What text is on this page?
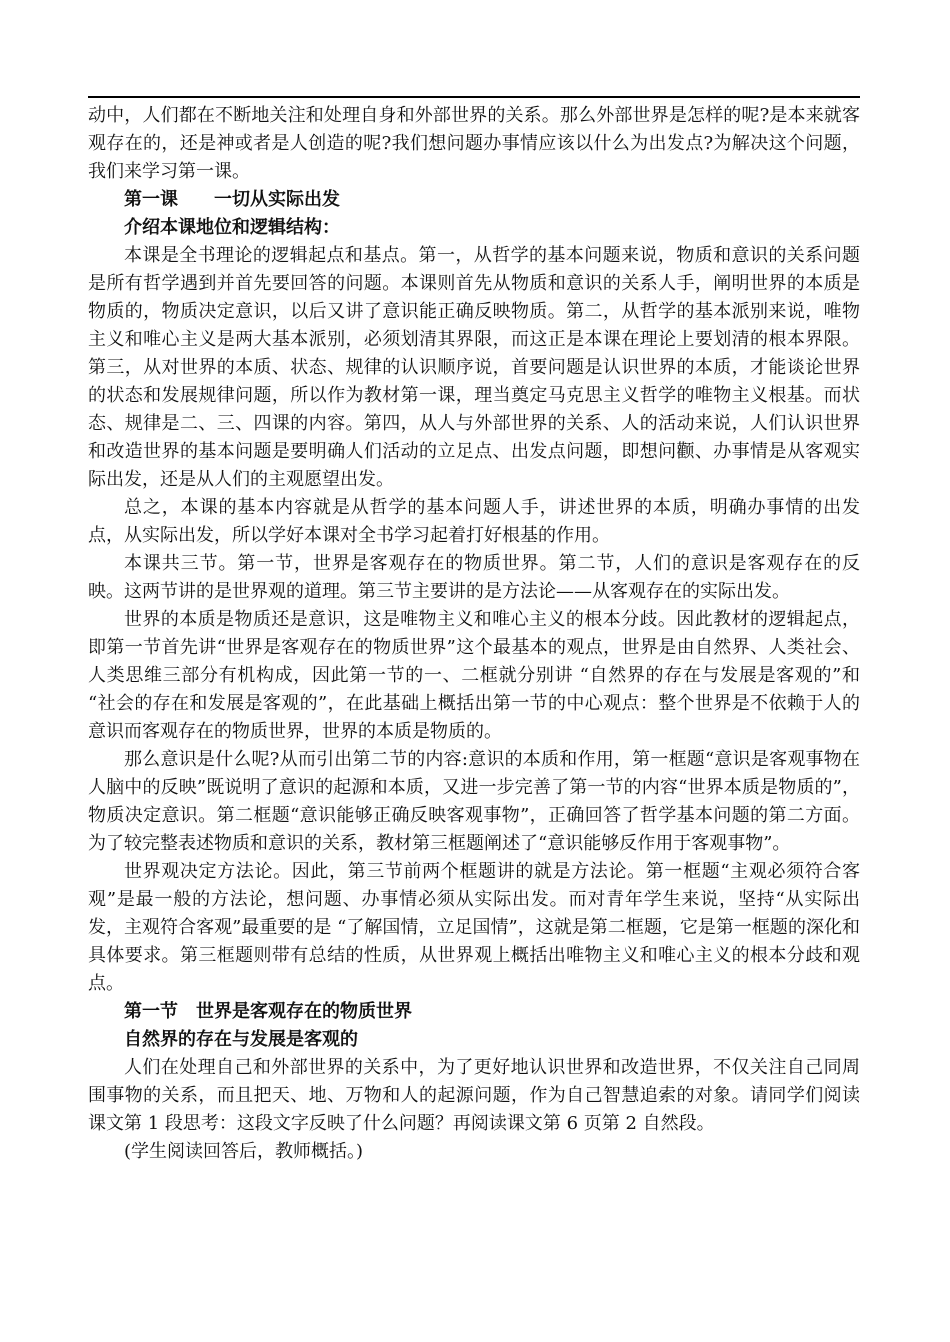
动中，人们都在不断地关注和处理自身和外部世界的关系。那么外部世界是怎样的呢?是本来就客观存在的，还是神或者是人创造的呢?我们想问题办事情应该以什么为出发点?为解决这个问题，我们来学习第一课。

第一课　　一切从实际出发

介绍本课地位和逻辑结构：

本课是全书理论的逻辑起点和基点。第一，从哲学的基本问题来说，物质和意识的关系问题是所有哲学遇到并首先要回答的问题。本课则首先从物质和意识的关系人手，阐明世界的本质是物质的，物质决定意识，以后又讲了意识能正确反映物质。第二，从哲学的基本派别来说，唯物主义和唯心主义是两大基本派别，必须划清其界限，而这正是本课在理论上要划清的根本界限。第三，从对世界的本质、状态、规律的认识顺序说，首要问题是认识世界的本质，才能谈论世界的状态和发展规律问题，所以作为教材第一课，理当奠定马克思主义哲学的唯物主义根基。而状态、规律是二、三、四课的内容。第四，从人与外部世界的关系、人的活动来说，人们认识世界和改造世界的基本问题是要明确人们活动的立足点、出发点问题，即想问颧、办事情是从客观实际出发，还是从人们的主观愿望出发。

总之，本课的基本内容就是从哲学的基本问题人手，讲述世界的本质，明确办事情的出发点，从实际出发，所以学好本课对全书学习起着打好根基的作用。

本课共三节。第一节，世界是客观存在的物质世界。第二节，人们的意识是客观存在的反映。这两节讲的是世界观的道理。第三节主要讲的是方法论——从客观存在的实际出发。

世界的本质是物质还是意识，这是唯物主义和唯心主义的根本分歧。因此教材的逻辑起点，即第一节首先讲“世界是客观存在的物质世界”这个最基本的观点，世界是由自然界、人类社会、人类思维三部分有机构成，因此第一节的一、二框就分别讲 “自然界的存在与发展是客观的”和 “社会的存在和发展是客观的”，在此基础上概括出第一节的中心观点：整个世界是不依赖于人的意识而客观存在的物质世界，世界的本质是物质的。

那么意识是什么呢?从而引出第二节的内容:意识的本质和作用，第一框题“意识是客观事物在人脑中的反映”既说明了意识的起源和本质，又进一步完善了第一节的内容“世界本质是物质的”，物质决定意识。第二框题“意识能够正确反映客观事物”，正确回答了哲学基本问题的第二方面。为了较完整表述物质和意识的关系，教材第三框题阐述了“意识能够反作用于客观事物”。

世界观决定方法论。因此，第三节前两个框题讲的就是方法论。第一框题“主观必须符合客观”是最一般的方法论，想问题、办事情必须从实际出发。而对青年学生来说，坚持“从实际出发，主观符合客观”最重要的是 “了解国情，立足国情”，这就是第二框题，它是第一框题的深化和具体要求。第三框题则带有总结的性质，从世界观上概括出唯物主义和唯心主义的根本分歧和观点。

第一节　世界是客观存在的物质世界

自然界的存在与发展是客观的

人们在处理自己和外部世界的关系中，为了更好地认识世界和改造世界，不仅关注自己同周围事物的关系，而且把天、地、万物和人的起源问题，作为自己智慧追索的对象。请同学们阅读课文第 1 段思考：这段文字反映了什么问题？再阅读课文第 6 页第 2 自然段。

(学生阅读回答后，教师概括。)
